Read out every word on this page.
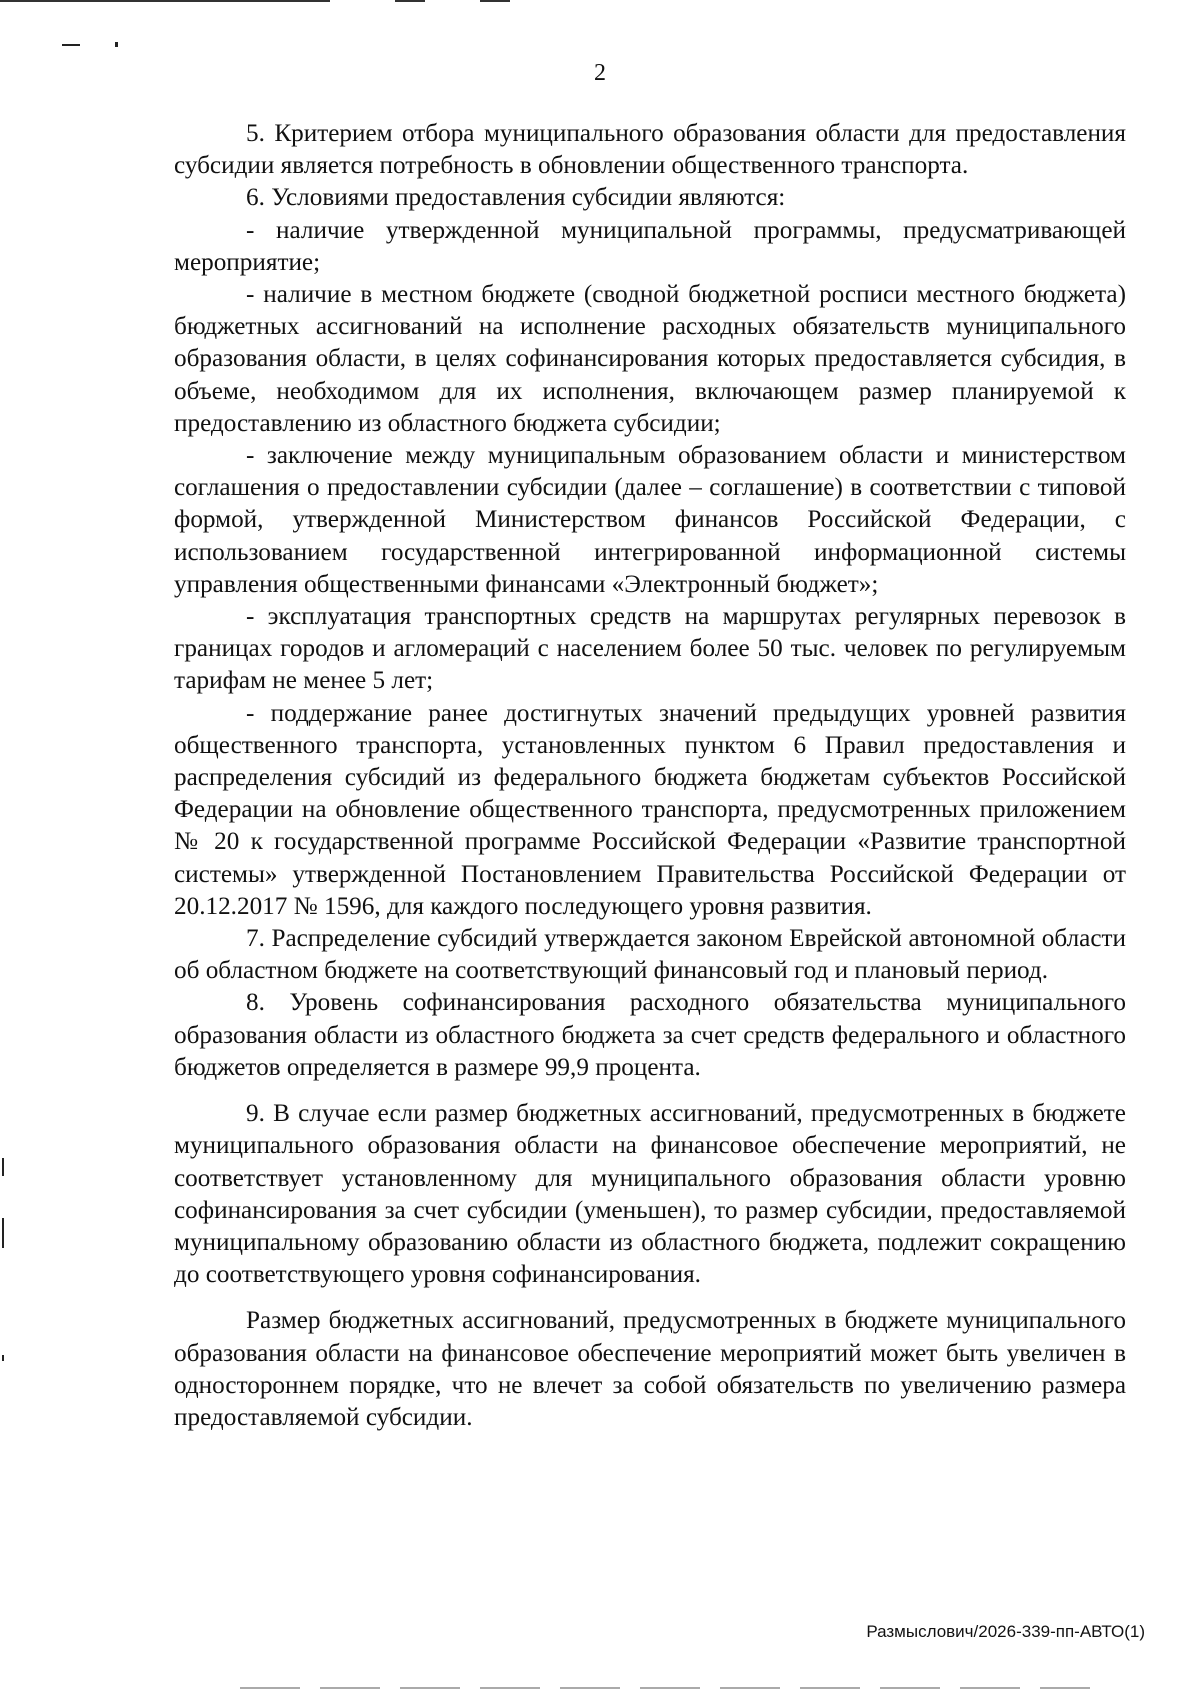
2

5. Критерием отбора муниципального образования области для предоставления субсидии является потребность в обновлении общественного транспорта.

6. Условиями предоставления субсидии являются:

- наличие утвержденной муниципальной программы, предусматривающей мероприятие;

- наличие в местном бюджете (сводной бюджетной росписи местного бюджета) бюджетных ассигнований на исполнение расходных обязательств муниципального образования области, в целях софинансирования которых предоставляется субсидия, в объеме, необходимом для их исполнения, включающем размер планируемой к предоставлению из областного бюджета субсидии;

- заключение между муниципальным образованием области и министерством соглашения о предоставлении субсидии (далее – соглашение) в соответствии с типовой формой, утвержденной Министерством финансов Российской Федерации, с использованием государственной интегрированной информационной системы управления общественными финансами «Электронный бюджет»;

- эксплуатация транспортных средств на маршрутах регулярных перевозок в границах городов и агломераций с населением более 50 тыс. человек по регулируемым тарифам не менее 5 лет;

- поддержание ранее достигнутых значений предыдущих уровней развития общественного транспорта, установленных пунктом 6 Правил предоставления и распределения субсидий из федерального бюджета бюджетам субъектов Российской Федерации на обновление общественного транспорта, предусмотренных приложением № 20 к государственной программе Российской Федерации «Развитие транспортной системы» утвержденной Постановлением Правительства Российской Федерации от 20.12.2017 № 1596, для каждого последующего уровня развития.

7. Распределение субсидий утверждается законом Еврейской автономной области об областном бюджете на соответствующий финансовый год и плановый период.

8. Уровень софинансирования расходного обязательства муниципального образования области из областного бюджета за счет средств федерального и областного бюджетов определяется в размере 99,9 процента.

9. В случае если размер бюджетных ассигнований, предусмотренных в бюджете муниципального образования области на финансовое обеспечение мероприятий, не соответствует установленному для муниципального образования области уровню софинансирования за счет субсидии (уменьшен), то размер субсидии, предоставляемой муниципальному образованию области из областного бюджета, подлежит сокращению до соответствующего уровня софинансирования.

Размер бюджетных ассигнований, предусмотренных в бюджете муниципального образования области на финансовое обеспечение мероприятий может быть увеличен в одностороннем порядке, что не влечет за собой обязательств по увеличению размера предоставляемой субсидии.

Размыслович/2026-339-пп-АВТО(1)
